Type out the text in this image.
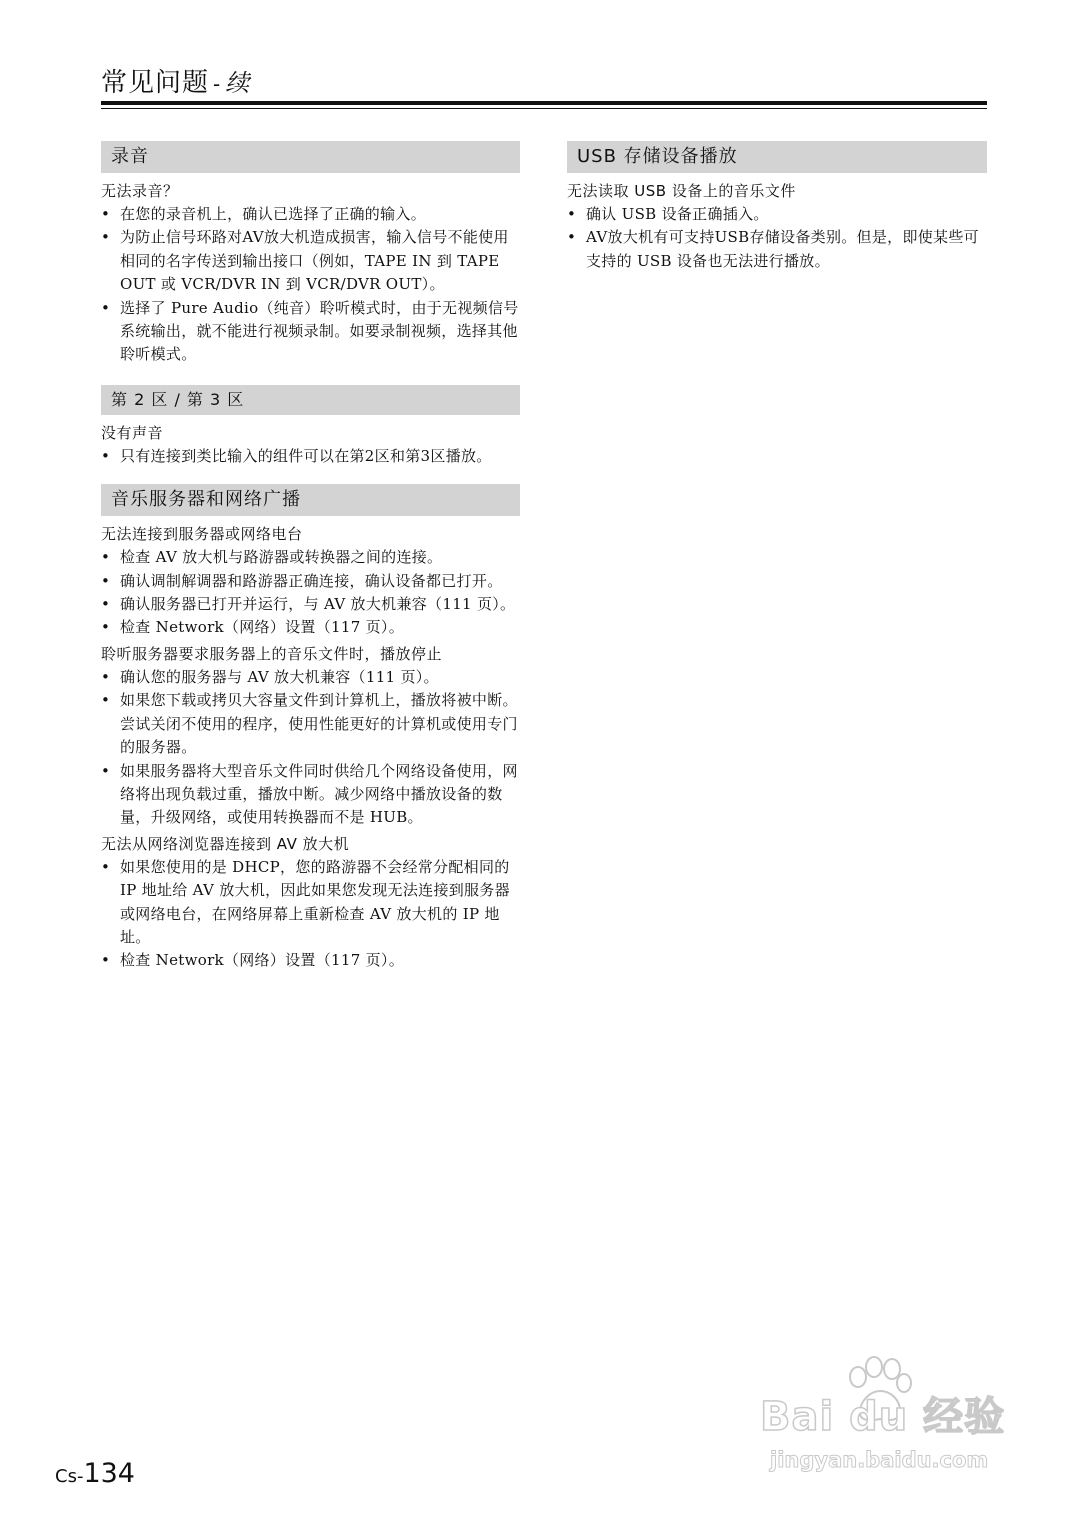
常见问题 - 续
录音
无法录音？
• 在您的录音机上，确认已选择了正确的输入。
• 为防止信号环路对AV放大机造成损害，输入信号不能使用相同的名字传送到输出接口（例如，TAPE IN 到 TAPE OUT 或 VCR/DVR IN 到 VCR/DVR OUT）。
• 选择了 Pure Audio（纯音）聆听模式时，由于无视频信号系统输出，就不能进行视频录制。如要录制视频，选择其他聆听模式。
第 2 区 / 第 3 区
没有声音
• 只有连接到类比输入的组件可以在第2区和第3区播放。
音乐服务器和网络广播
无法连接到服务器或网络电台
• 检查 AV 放大机与路游器或转换器之间的连接。
• 确认调制解调器和路游器正确连接，确认设备都已打开。
• 确认服务器已打开并运行，与 AV 放大机兼容（111 页）。
• 检查 Network（网络）设置（117 页）。
聆听服务器要求服务器上的音乐文件时，播放停止
• 确认您的服务器与 AV 放大机兼容（111 页）。
• 如果您下载或拷贝大容量文件到计算机上，播放将被中断。尝试关闭不使用的程序，使用性能更好的计算机或使用专门的服务器。
• 如果服务器将大型音乐文件同时供给几个网络设备使用，网络将出现负载过重，播放中断。减少网络中播放设备的数量，升级网络，或使用转换器而不是 HUB。
无法从网络浏览器连接到 AV 放大机
• 如果您使用的是 DHCP，您的路游器不会经常分配相同的 IP 地址给 AV 放大机，因此如果您发现无法连接到服务器或网络电台，在网络屏幕上重新检查 AV 放大机的 IP 地址。
• 检查 Network（网络）设置（117 页）。
USB 存储设备播放
无法读取 USB 设备上的音乐文件
• 确认 USB 设备正确插入。
• AV放大机有可支持USB存储设备类别。但是，即使某些可支持的 USB 设备也无法进行播放。
Cs-134
Bai du 经验
jingyan.baidu.com
